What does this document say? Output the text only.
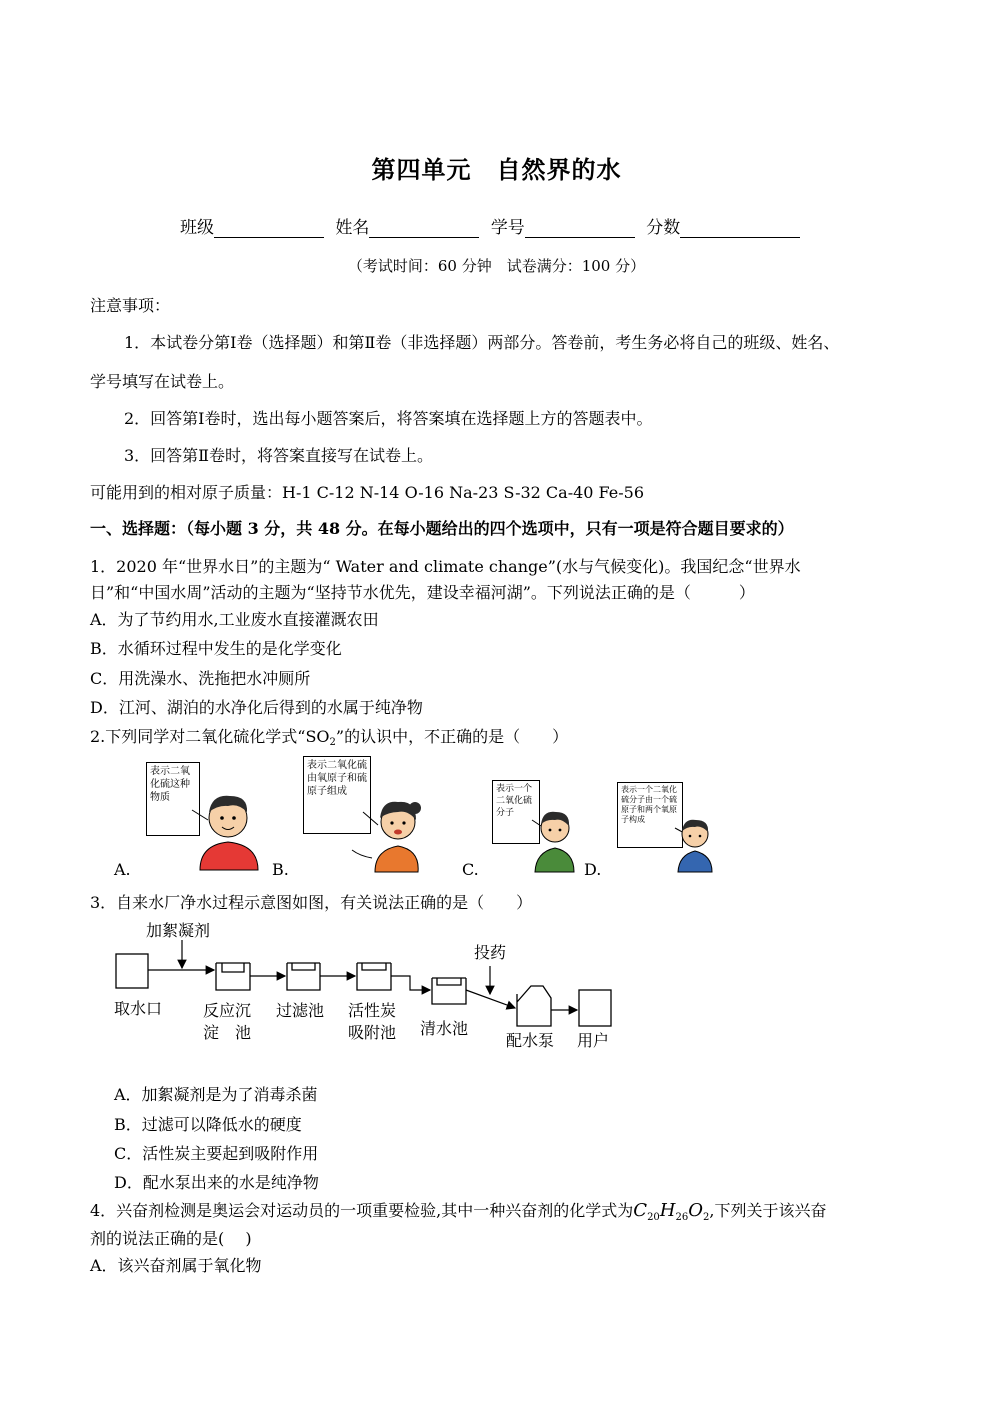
第四单元　自然界的水
班级	姓名	学号	分数
（考试时间：60 分钟　试卷满分：100 分）
注意事项：
1．本试卷分第Ⅰ卷（选择题）和第Ⅱ卷（非选择题）两部分。答卷前，考生务必将自己的班级、姓名、
学号填写在试卷上。
2．回答第Ⅰ卷时，选出每小题答案后，将答案填在选择题上方的答题表中。
3．回答第Ⅱ卷时，将答案直接写在试卷上。
可能用到的相对原子质量：H-1 C-12 N-14 O-16 Na-23 S-32 Ca-40 Fe-56
一、选择题：（每小题 3 分，共 48 分。在每小题给出的四个选项中，只有一项是符合题目要求的）
1．2020 年“世界水日”的主题为“ Water and climate change”(水与气候变化)。我国纪念“世界水
日”和“中国水周”活动的主题为“坚持节水优先，建设幸福河湖”。下列说法正确的是（　　　）
A．为了节约用水,工业废水直接灌溉农田
B．水循环过程中发生的是化学变化
C．用洗澡水、洗拖把水冲厕所
D．江河、湖泊的水净化后得到的水属于纯净物
2.下列同学对二氧化硫化学式“$SO_2$”的认识中，不正确的是（　　）
表示二氧化硫这种物质
表示二氧化硫由氧原子和硫原子组成	表示一个二氧化硫分子
表示一个二氧化硫分子由一个硫原子和两个氧原子构成
A.	B.	C.	D.
3．自来水厂净水过程示意图如图，有关说法正确的是（　　）
加絮凝剂
投药
取水口	反应沉
淀　池
过滤池 活性炭
吸附池 清水池
配水泵 用户
A．加絮凝剂是为了消毒杀菌
B．过滤可以降低水的硬度
C．活性炭主要起到吸附作用
D．配水泵出来的水是纯净物
4．兴奋剂检测是奥运会对运动员的一项重要检验,其中一种兴奋剂的化学式为$C_{20}H_{26}O_2$,下列关于该兴奋
剂的说法正确的是(　 )
A．该兴奋剂属于氧化物
